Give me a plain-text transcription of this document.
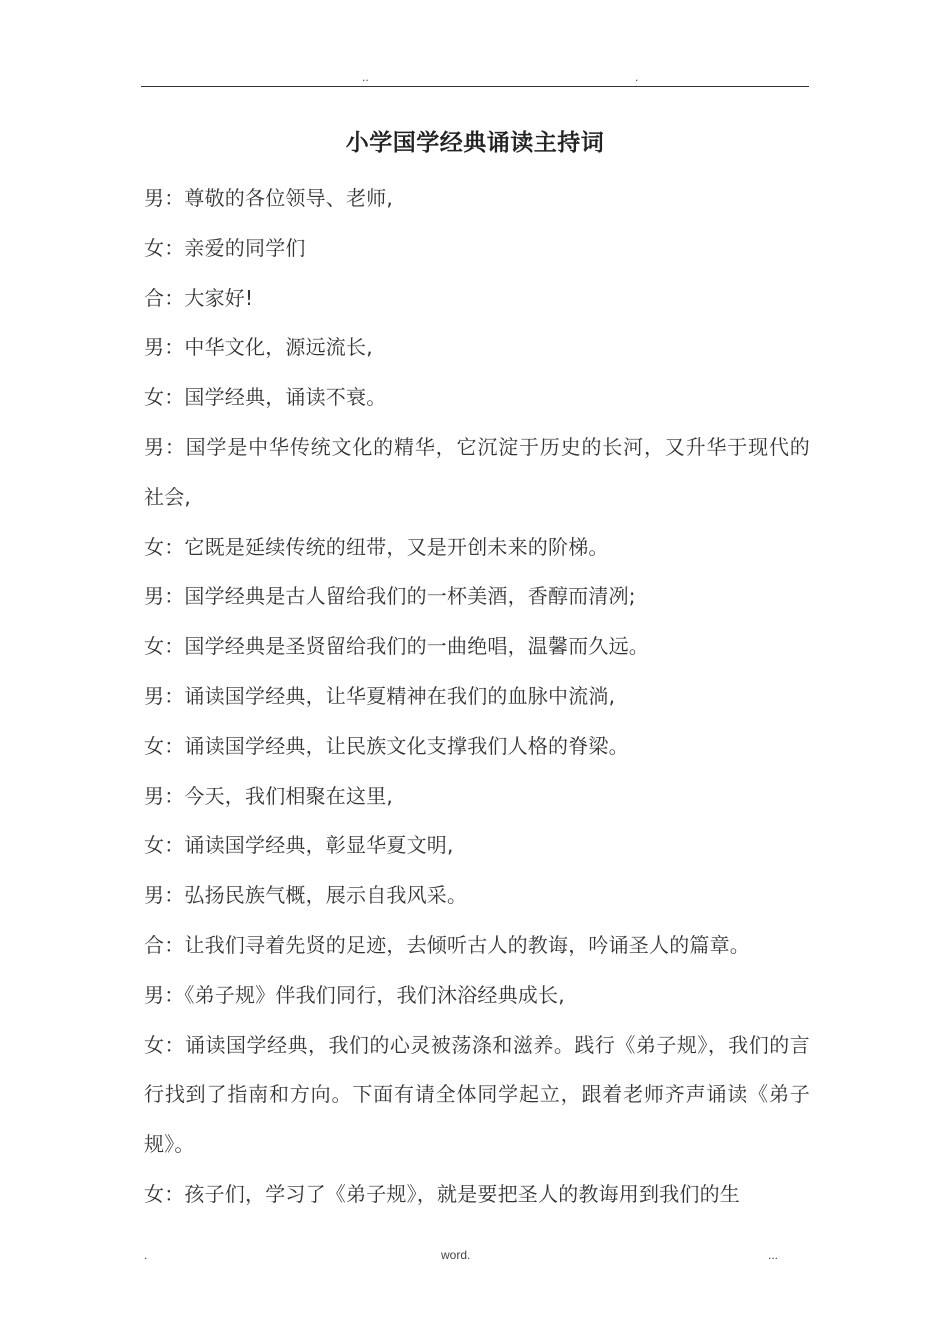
..	.
小学国学经典诵读主持词

男：尊敬的各位领导、老师,

女：亲爱的同学们

合：大家好!

男：中华文化，源远流长,

女：国学经典，诵读不衰。

男：国学是中华传统文化的精华，它沉淀于历史的长河，又升华于现代的社会,

女：它既是延续传统的纽带，又是开创未来的阶梯。

男：国学经典是古人留给我们的一杯美酒，香醇而清冽;

女：国学经典是圣贤留给我们的一曲绝唱，温馨而久远。

男：诵读国学经典，让华夏精神在我们的血脉中流淌,

女：诵读国学经典，让民族文化支撑我们人格的脊梁。

男：今天，我们相聚在这里,

女：诵读国学经典，彰显华夏文明,

男：弘扬民族气概，展示自我风采。

合：让我们寻着先贤的足迹，去倾听古人的教诲，吟诵圣人的篇章。

男：《弟子规》伴我们同行，我们沐浴经典成长,

女：诵读国学经典，我们的心灵被荡涤和滋养。践行《弟子规》，我们的言行找到了指南和方向。下面有请全体同学起立，跟着老师齐声诵读《弟子规》。

女：孩子们，学习了《弟子规》，就是要把圣人的教诲用到我们的生

.	word.	...
